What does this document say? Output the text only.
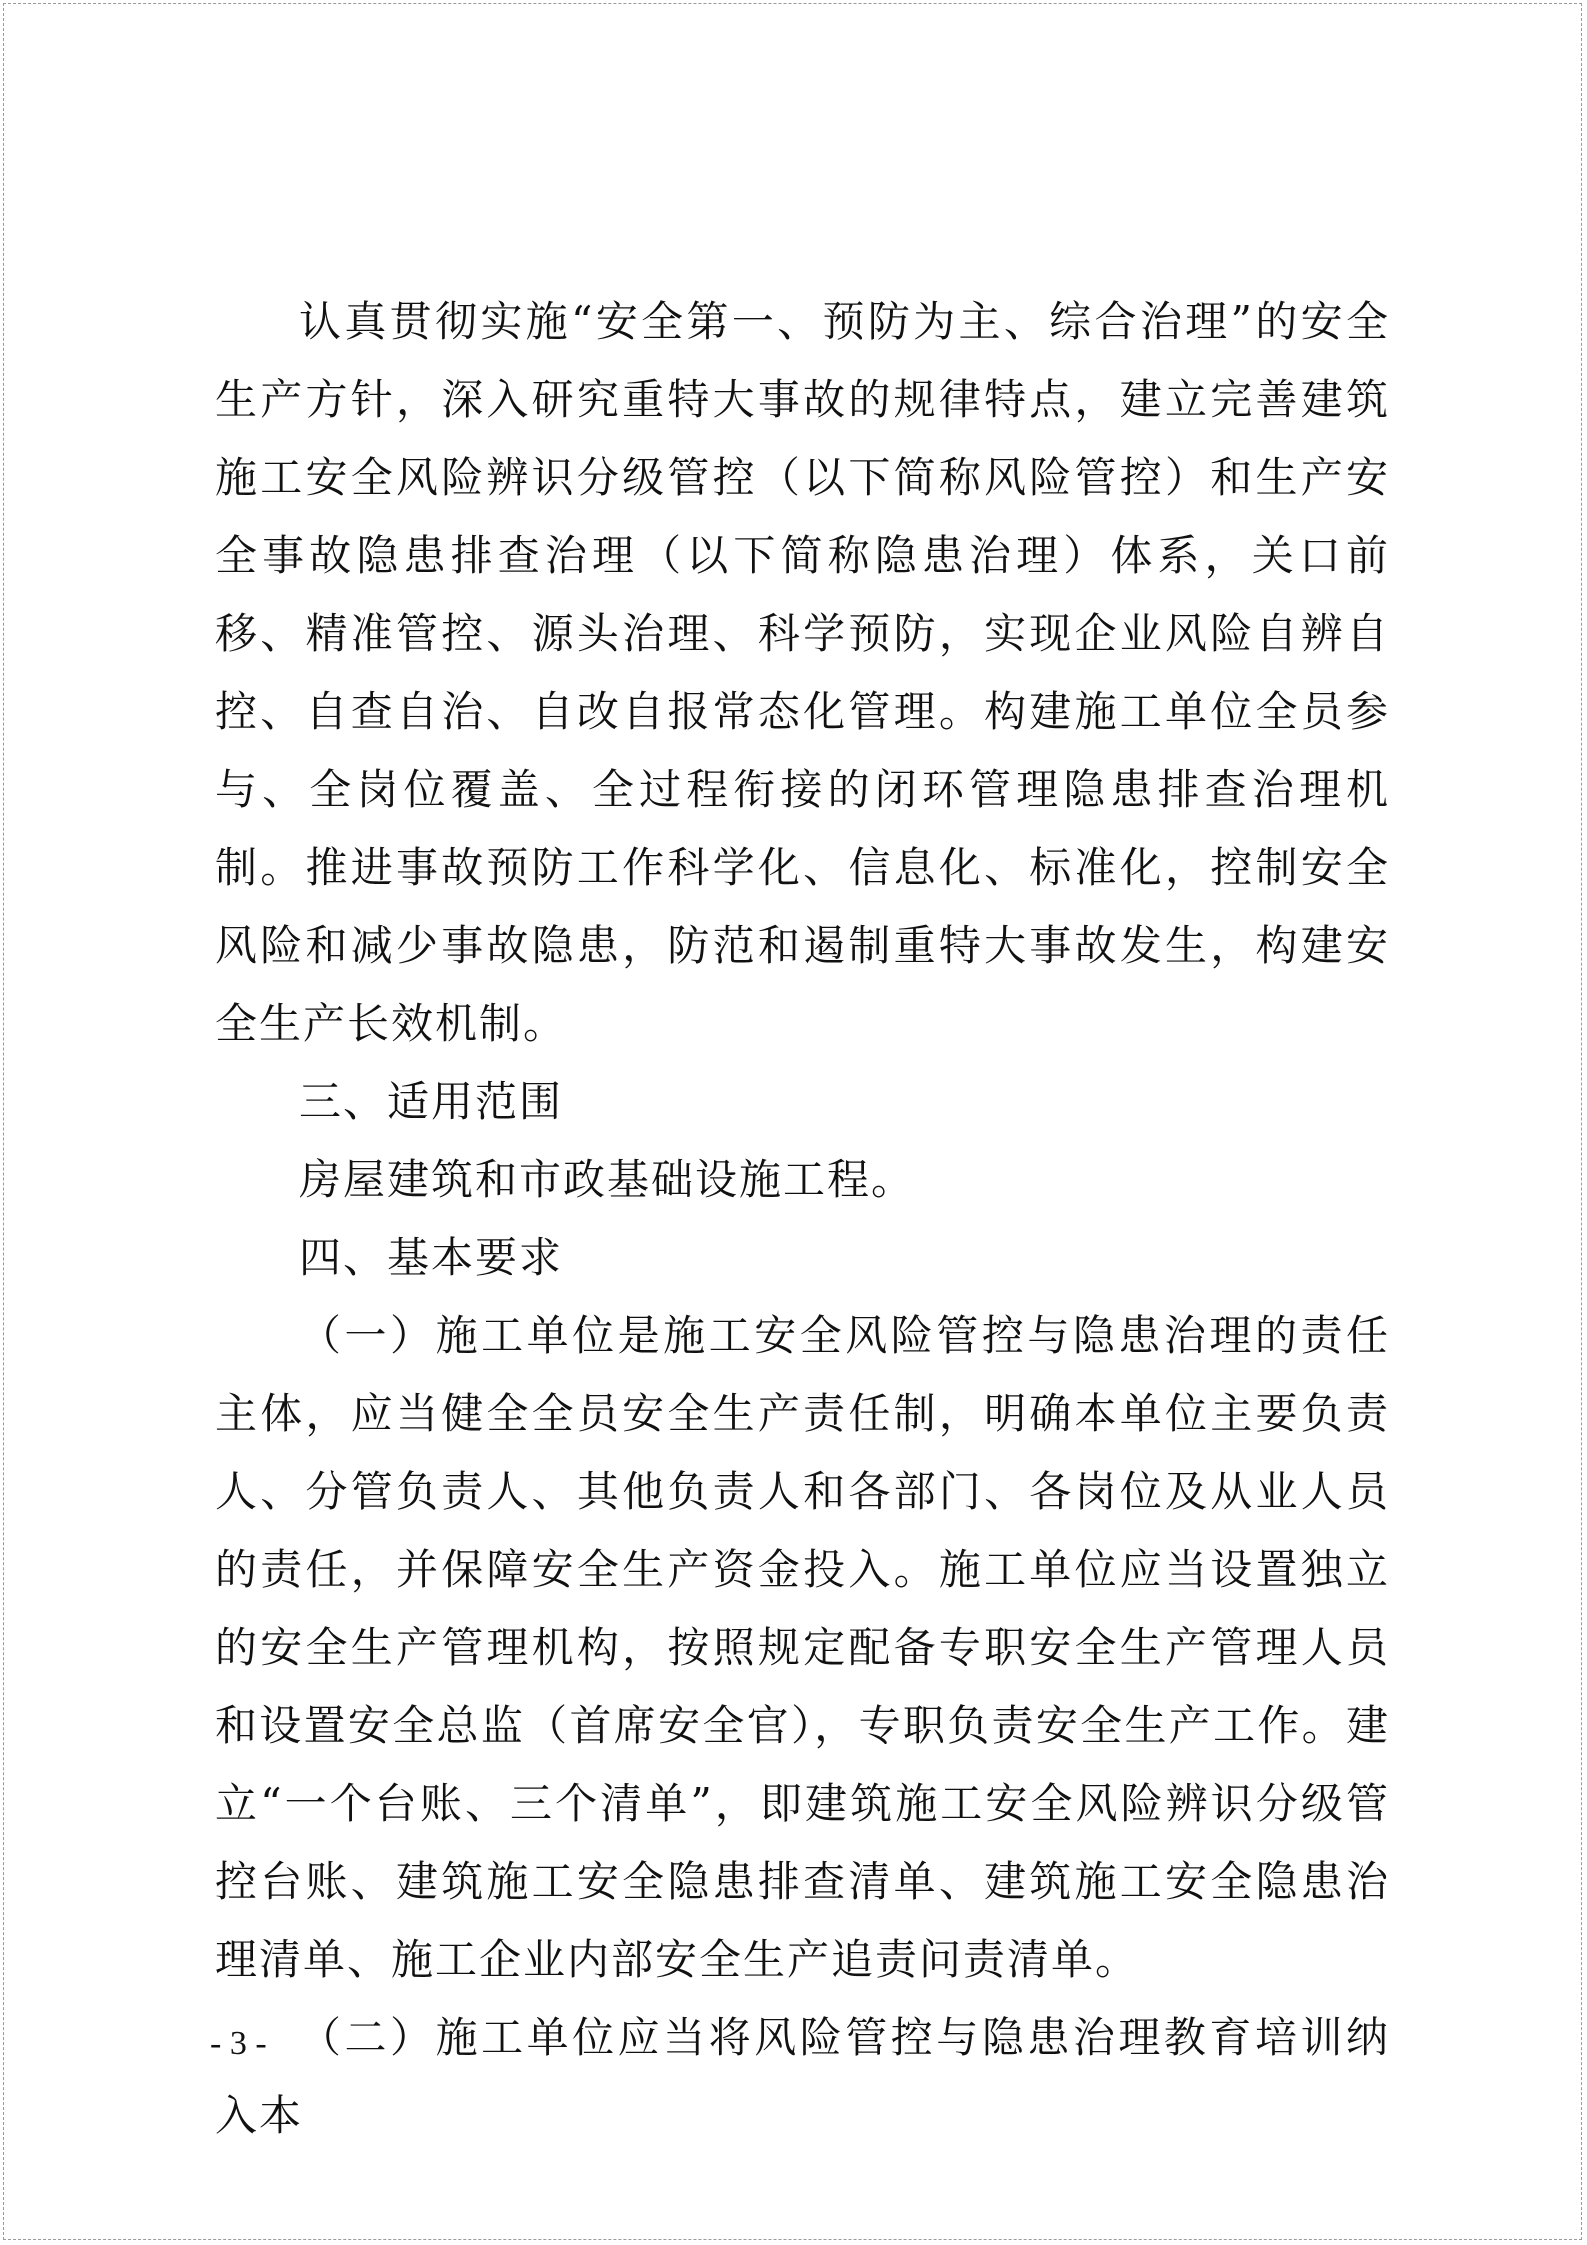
认真贯彻实施“安全第一、预防为主、综合治理”的安全生产方针，深入研究重特大事故的规律特点，建立完善建筑施工安全风险辨识分级管控（以下简称风险管控）和生产安全事故隐患排查治理（以下简称隐患治理）体系，关口前移、精准管控、源头治理、科学预防，实现企业风险自辨自控、自查自治、自改自报常态化管理。构建施工单位全员参与、全岗位覆盖、全过程衔接的闭环管理隐患排查治理机制。推进事故预防工作科学化、信息化、标准化，控制安全风险和减少事故隐患，防范和遏制重特大事故发生，构建安全生产长效机制。

三、适用范围

房屋建筑和市政基础设施工程。

四、基本要求

（一）施工单位是施工安全风险管控与隐患治理的责任主体，应当健全全员安全生产责任制，明确本单位主要负责人、分管负责人、其他负责人和各部门、各岗位及从业人员的责任，并保障安全生产资金投入。施工单位应当设置独立的安全生产管理机构，按照规定配备专职安全生产管理人员和设置安全总监（首席安全官），专职负责安全生产工作。建立“一个台账、三个清单”，即建筑施工安全风险辨识分级管控台账、建筑施工安全隐患排查清单、建筑施工安全隐患治理清单、施工企业内部安全生产追责问责清单。

（二）施工单位应当将风险管控与隐患治理教育培训纳入本

- 3 -
